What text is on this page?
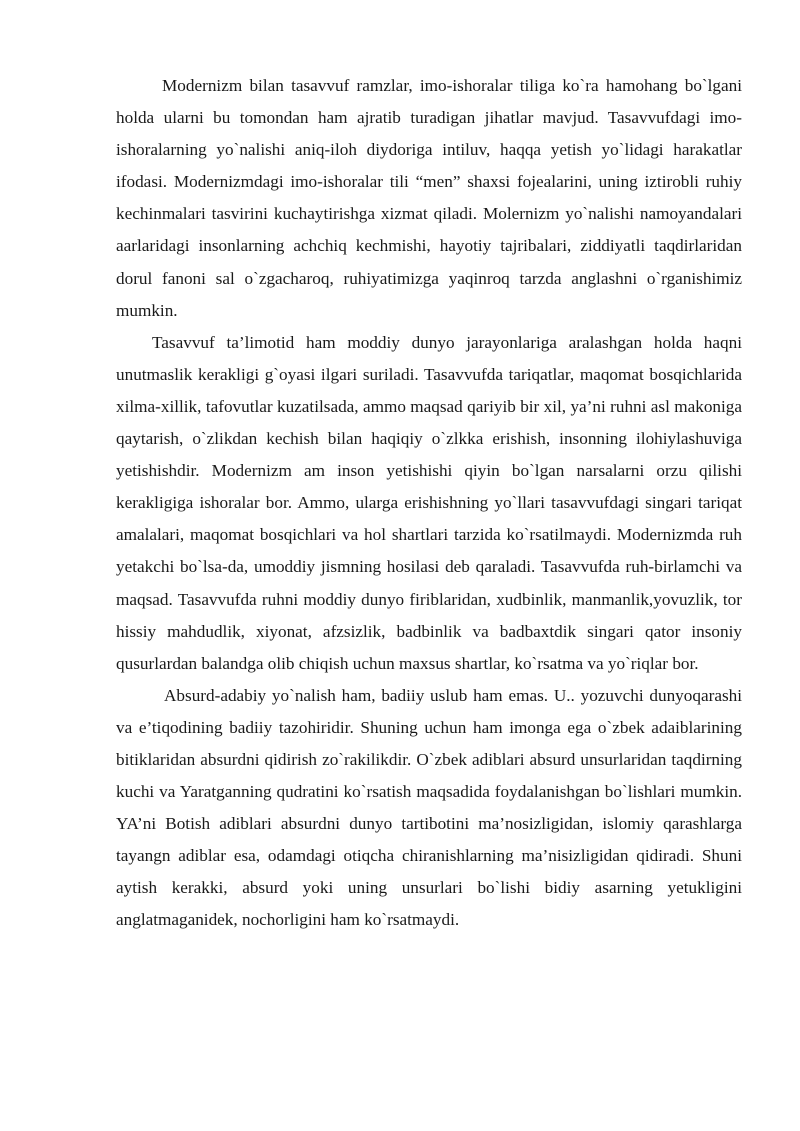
Modernizm bilan tasavvuf ramzlar, imo-ishoralar tiliga ko`ra hamohang bo`lgani holda ularni bu tomondan ham ajratib turadigan jihatlar mavjud. Tasavvufdagi imo-ishoralarning yo`nalishi aniq-iloh diydoriga intiluv, haqqa yetish yo`lidagi harakatlar ifodasi. Modernizmdagi imo-ishoralar tili “men” shaxsi fojealarini, uning iztirobli ruhiy kechinmalari tasvirini kuchaytirishga xizmat qiladi. Molernizm yo`nalishi namoyandalari aarlaridagi insonlarning achchiq kechmishi, hayotiy tajribalari, ziddiyatli taqdirlaridan dorul fanoni sal o`zgacharoq, ruhiyatimizga yaqinroq tarzda anglashni o`rganishimiz mumkin.

Tasavvuf ta’limotid ham moddiy dunyo jarayonlariga aralashgan holda haqni unutmaslik kerakligi g`oyasi ilgari suriladi. Tasavvufda tariqatlar, maqomat bosqichlarida xilma-xillik, tafovutlar kuzatilsada, ammo maqsad qariyib bir xil, ya’ni ruhni asl makoniga qaytarish, o`zlikdan kechish bilan haqiqiy o`zlkka erishish, insonning ilohiylashuviga yetishishdir. Modernizm am inson yetishishi qiyin bo`lgan narsalarni orzu qilishi kerakligiga ishoralar bor. Ammo, ularga erishishning yo`llari tasavvufdagi singari tariqat amalalari, maqomat bosqichlari va hol shartlari tarzida ko`rsatilmaydi. Modernizmda ruh yetakchi bo`lsa-da, umoddiy jismning hosilasi deb qaraladi. Tasavvufda ruh-birlamchi va maqsad. Tasavvufda ruhni moddiy dunyo firiblaridan, xudbinlik, manmanlik,yovuzlik, tor hissiy mahdudlik, xiyonat, afzsizlik, badbinlik va badbaxtdik singari qator insoniy qusurlardan balandga olib chiqish uchun maxsus shartlar, ko`rsatma va yo`riqlar bor.

Absurd-adabiy yo`nalish ham, badiiy uslub ham emas. U.. yozuvchi dunyoqarashi va e’tiqodining badiiy tazohiridir. Shuning uchun ham imonga ega o`zbek adaiblarining bitiklaridan absurdni qidirish zo`rakilikdir. O`zbek adiblari absurd unsurlaridan taqdirning kuchi va Yaratganning qudratini ko`rsatish maqsadida foydalanishgan bo`lishlari mumkin. YA’ni Botish adiblari absurdni dunyo tartibotini ma’nosizligidan, islomiy qarashlarga tayangn adiblar esa, odamdagi otiqcha chiranishlarning ma’nisizligidan qidiradi. Shuni aytish kerakki, absurd yoki uning unsurlari bo`lishi bidiy asarning yetukligini anglatmaganidek, nochorligini ham ko`rsatmaydi.
